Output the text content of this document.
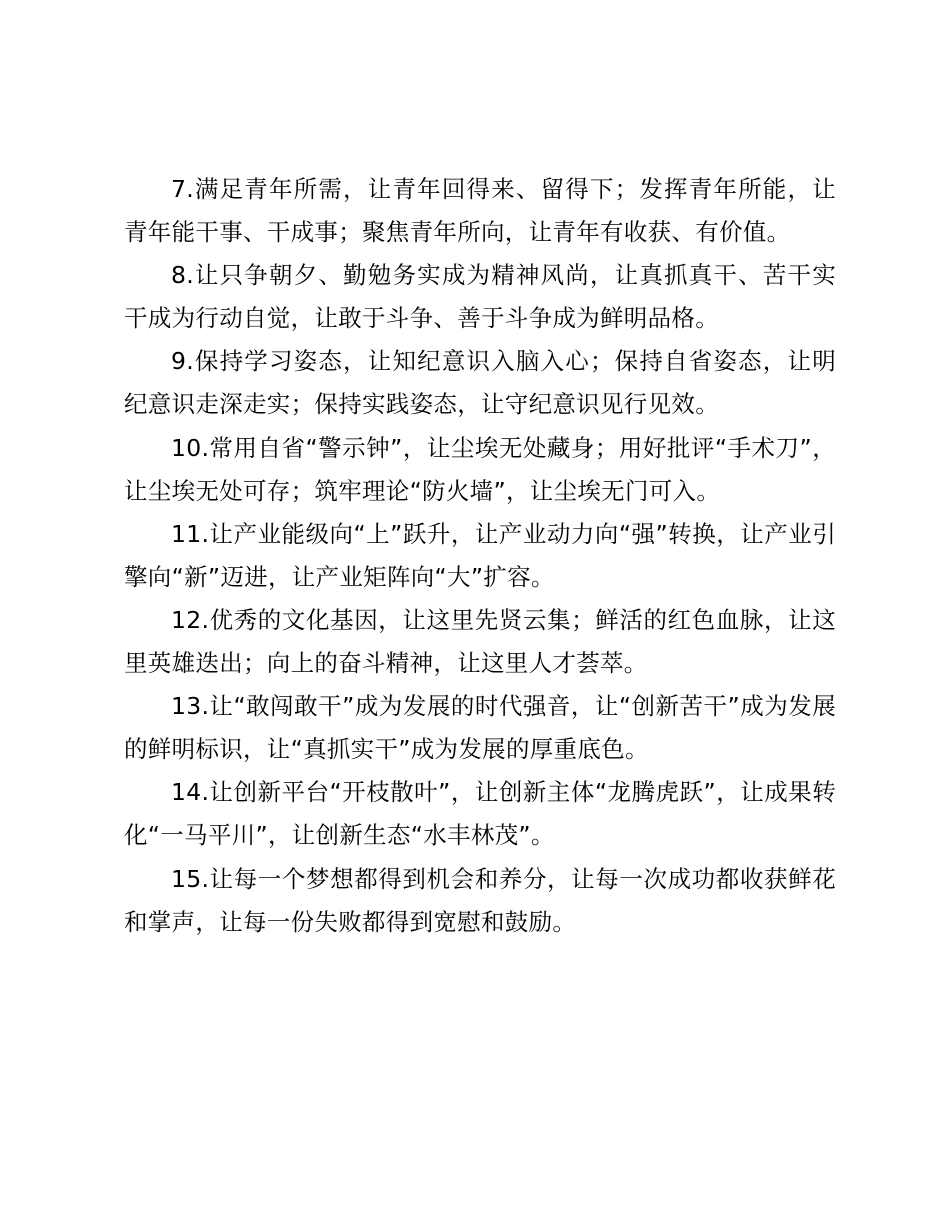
7.满足青年所需，让青年回得来、留得下；发挥青年所能，让青年能干事、干成事；聚焦青年所向，让青年有收获、有价值。

8.让只争朝夕、勤勉务实成为精神风尚，让真抓真干、苦干实干成为行动自觉，让敢于斗争、善于斗争成为鲜明品格。

9.保持学习姿态，让知纪意识入脑入心；保持自省姿态，让明纪意识走深走实；保持实践姿态，让守纪意识见行见效。

10.常用自省“警示钟”，让尘埃无处藏身；用好批评“手术刀”，让尘埃无处可存；筑牢理论“防火墙”，让尘埃无门可入。

11.让产业能级向“上”跃升，让产业动力向“强”转换，让产业引擎向“新”迈进，让产业矩阵向“大”扩容。

12.优秀的文化基因，让这里先贤云集；鲜活的红色血脉，让这里英雄迭出；向上的奋斗精神，让这里人才荟萃。

13.让“敢闯敢干”成为发展的时代强音，让“创新苦干”成为发展的鲜明标识，让“真抓实干”成为发展的厚重底色。

14.让创新平台“开枝散叶”，让创新主体“龙腾虎跃”，让成果转化“一马平川”，让创新生态“水丰林茂”。

15.让每一个梦想都得到机会和养分，让每一次成功都收获鲜花和掌声，让每一份失败都得到宽慰和鼓励。
